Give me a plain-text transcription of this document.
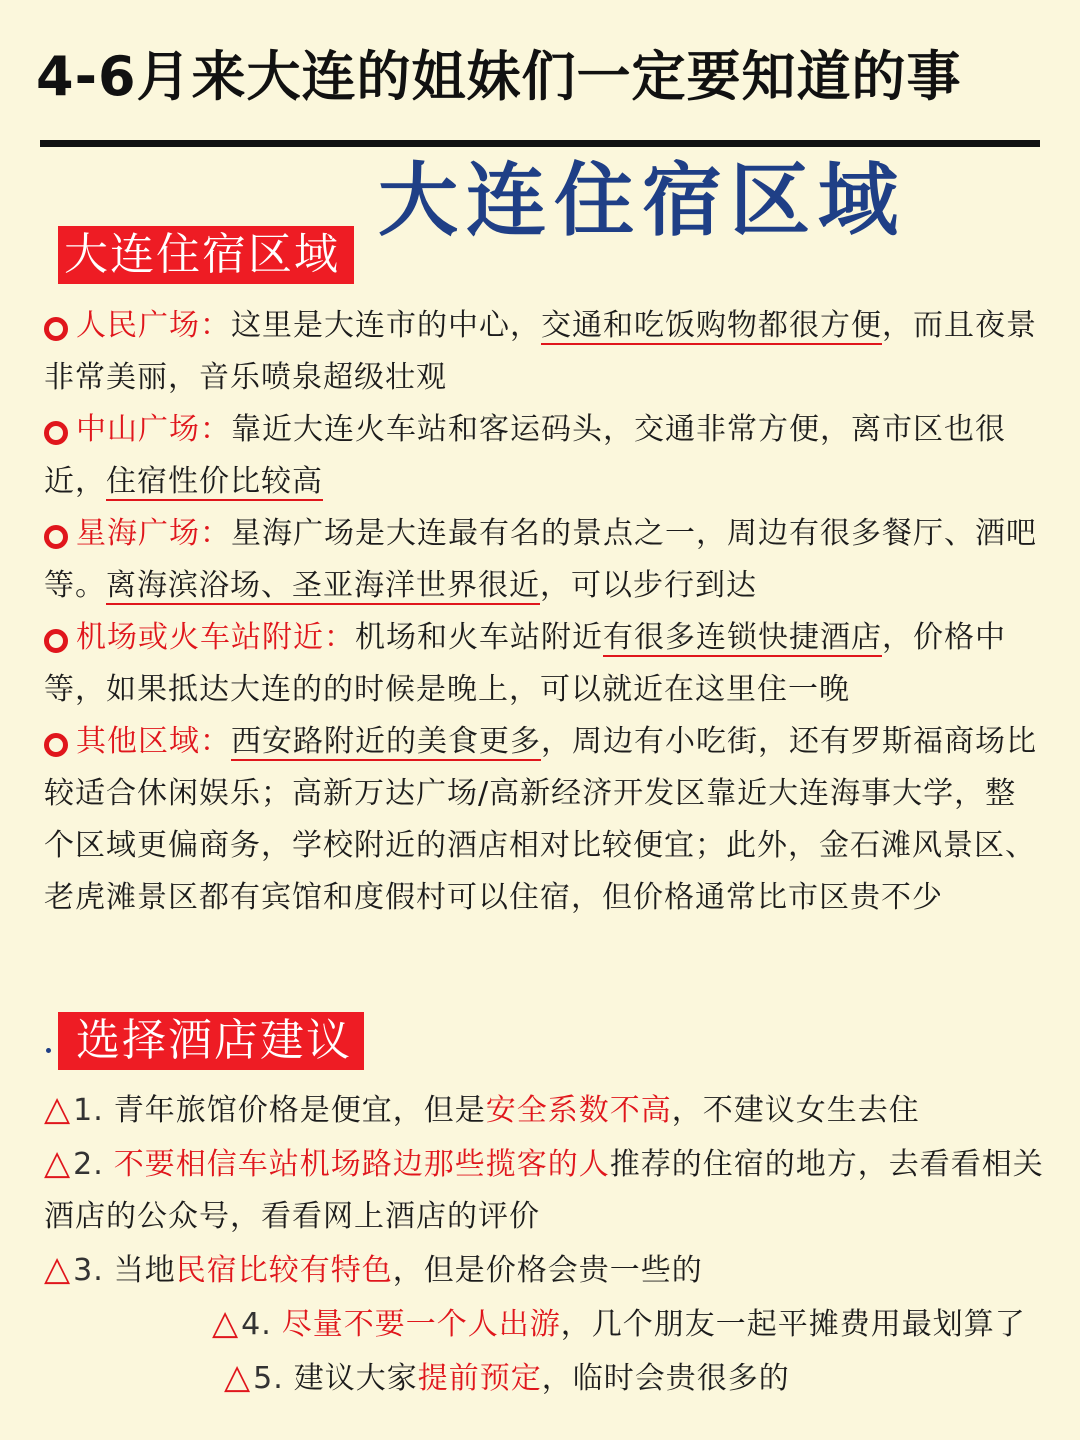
4-6月来大连的姐妹们一定要知道的事
大连住宿区域
大连住宿区域

人民广场：这里是大连市的中心，交通和吃饭购物都很方便，而且夜景非常美丽，音乐喷泉超级壮观

中山广场：靠近大连火车站和客运码头，交通非常方便，离市区也很近，住宿性价比较高

星海广场：星海广场是大连最有名的景点之一，周边有很多餐厅、酒吧等。离海滨浴场、圣亚海洋世界很近，可以步行到达

机场或火车站附近：机场和火车站附近有很多连锁快捷酒店，价格中等，如果抵达大连的的时候是晚上，可以就近在这里住一晚

其他区域：西安路附近的美食更多，周边有小吃街，还有罗斯福商场比较适合休闲娱乐；高新万达广场/高新经济开发区靠近大连海事大学，整个区域更偏商务，学校附近的酒店相对比较便宜；此外，金石滩风景区、老虎滩景区都有宾馆和度假村可以住宿，但价格通常比市区贵不少

选择酒店建议

△1. 青年旅馆价格是便宜，但是安全系数不高，不建议女生去住

△2. 不要相信车站机场路边那些揽客的人推荐的住宿的地方，去看看相关酒店的公众号，看看网上酒店的评价

△3. 当地民宿比较有特色，但是价格会贵一些的

△4. 尽量不要一个人出游，几个朋友一起平摊费用最划算了

△5. 建议大家提前预定，临时会贵很多的
